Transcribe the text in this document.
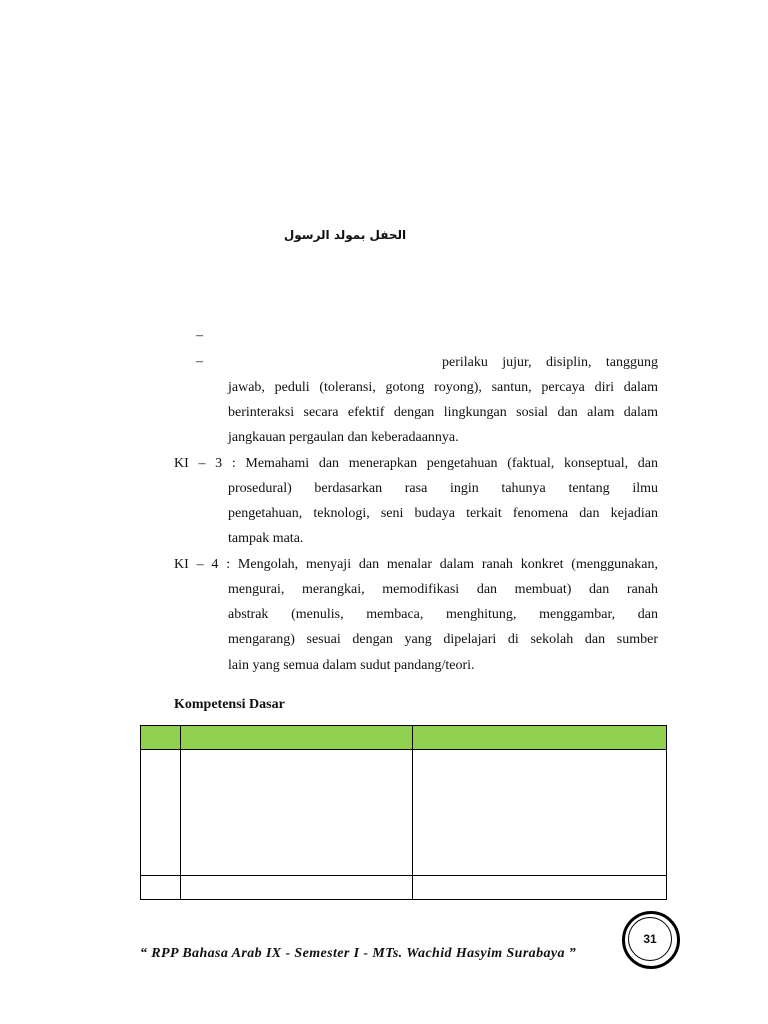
الحفل بمولد الرسول
–
–	perilaku jujur, disiplin, tanggung
jawab, peduli (toleransi, gotong royong), santun, percaya diri dalam
berinteraksi secara efektif dengan lingkungan sosial dan alam dalam
jangkauan pergaulan dan keberadaannya.
KI – 3 : Memahami dan menerapkan pengetahuan (faktual, konseptual, dan
prosedural) berdasarkan rasa ingin tahunya tentang ilmu
pengetahuan, teknologi, seni budaya terkait fenomena dan kejadian
tampak mata.
KI – 4 : Mengolah, menyaji dan menalar dalam ranah konkret (menggunakan,
mengurai, merangkai, memodifikasi dan membuat) dan ranah
abstrak (menulis, membaca, menghitung, menggambar, dan
mengarang) sesuai dengan yang dipelajari di sekolah dan sumber
lain yang semua dalam sudut pandang/teori.
Kompetensi Dasar

31
“ RPP Bahasa Arab IX - Semester I - MTs. Wachid Hasyim Surabaya ”
